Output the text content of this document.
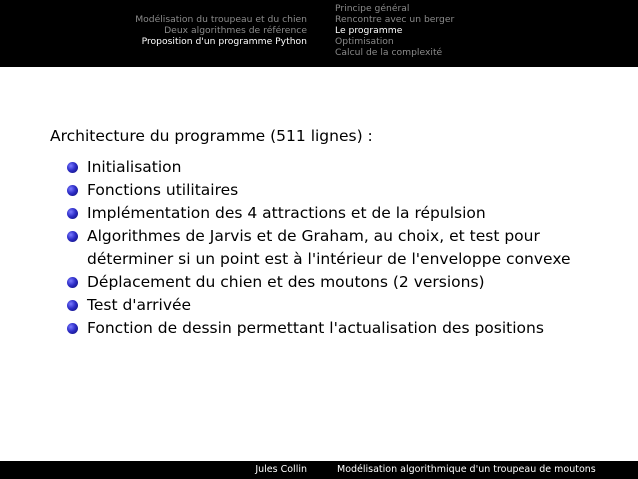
Modélisation du troupeau et du chien
Deux algorithmes de référence
Proposition d'un programme Python
Principe général
Rencontre avec un berger
Le programme
Optimisation
Calcul de la complexité

Architecture du programme (511 lignes) :

Initialisation
Fonctions utilitaires
Implémentation des 4 attractions et de la répulsion
Algorithmes de Jarvis et de Graham, au choix, et test pour déterminer si un point est à l'intérieur de l'enveloppe convexe
Déplacement du chien et des moutons (2 versions)
Test d'arrivée
Fonction de dessin permettant l'actualisation des positions
Jules Collin	Modélisation algorithmique d'un troupeau de moutons
